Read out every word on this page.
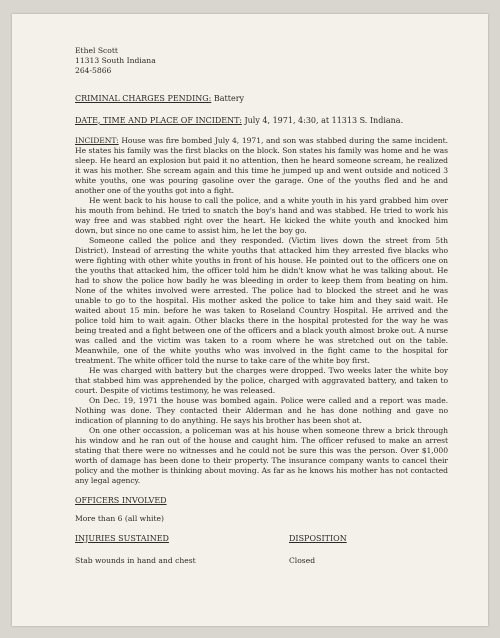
Ethel Scott
11313 South Indiana
264-5866
CRIMINAL CHARGES PENDING: Battery
DATE, TIME AND PLACE OF INCIDENT: July 4, 1971, 4:30, at 11313 S. Indiana.

INCIDENT: House was fire bombed July 4, 1971, and son was stabbed during the same incident. He states his family was the first blacks on the block. Son states his family was home and he was sleep. He heard an explosion but paid it no attention, then he heard someone scream, he realized it was his mother. She scream again and this time he jumped up and went outside and noticed 3 white youths, one was pouring gasoline over the garage. One of the youths fled and he and another one of the youths got into a fight.

He went back to his house to call the police, and a white youth in his yard grabbed him over his mouth from behind. He tried to snatch the boy's hand and was stabbed. He tried to work his way free and was stabbed right over the heart. He kicked the white youth and knocked him down, but since no one came to assist him, he let the boy go.

Someone called the police and they responded. (Victim lives down the street from 5th District). Instead of arresting the white youths that attacked him they arrested five blacks who were fighting with other white youths in front of his house. He pointed out to the officers one on the youths that attacked him, the officer told him he didn't know what he was talking about. He had to show the police how badly he was bleeding in order to keep them from beating on him. None of the whites involved were arrested. The police had to blocked the street and he was unable to go to the hospital. His mother asked the police to take him and they said wait. He waited about 15 min. before he was taken to Roseland Country Hospital. He arrived and the police told him to wait again. Other blacks there in the hospital protested for the way he was being treated and a fight between one of the officers and a black youth almost broke out. A nurse was called and the victim was taken to a room where he was stretched out on the table. Meanwhile, one of the white youths who was involved in the fight came to the hospital for treatment. The white officer told the nurse to take care of the white boy first.

He was charged with battery but the charges were dropped. Two weeks later the white boy that stabbed him was apprehended by the police, charged with aggravated battery, and taken to court. Despite of victims testimony, he was released.

On Dec. 19, 1971 the house was bombed again. Police were called and a report was made. Nothing was done. They contacted their Alderman and he has done nothing and gave no indication of planning to do anything. He says his brother has been shot at.

On one other occassion, a policeman was at his house when someone threw a brick through his window and he ran out of the house and caught him. The officer refused to make an arrest stating that there were no witnesses and he could not be sure this was the person. Over $1,000 worth of damage has been done to their property. The insurance company wants to cancel their policy and the mother is thinking about moving. As far as he knows his mother has not contacted any legal agency.

OFFICERS INVOLVED
More than 6 (all white)
INJURIES SUSTAINED	DISPOSITION
Stab wounds in hand and chest	Closed
